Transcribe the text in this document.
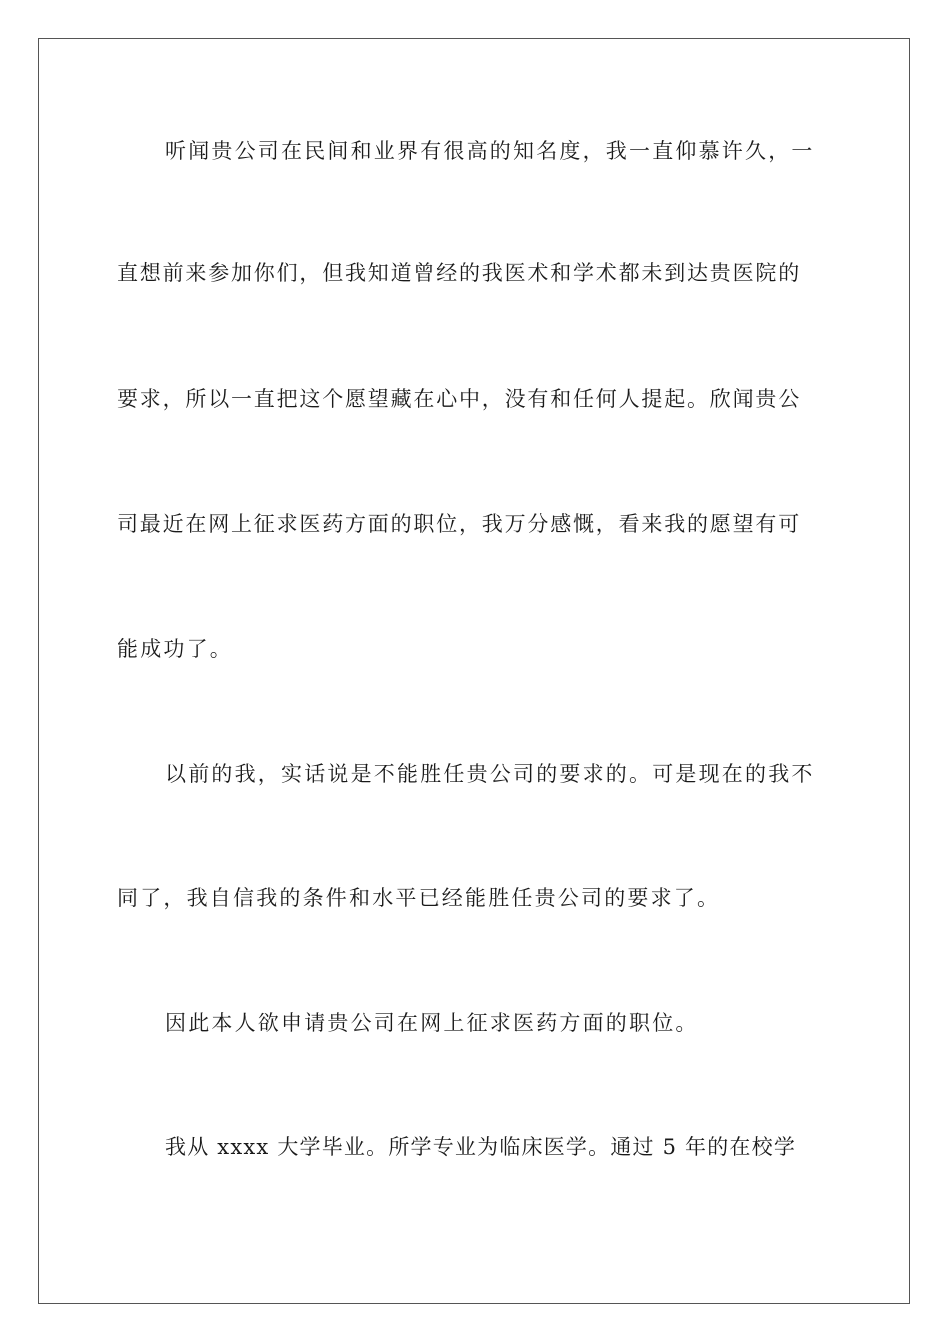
听闻贵公司在民间和业界有很高的知名度，我一直仰慕许久，一
直想前来参加你们，但我知道曾经的我医术和学术都未到达贵医院的
要求，所以一直把这个愿望藏在心中，没有和任何人提起。欣闻贵公
司最近在网上征求医药方面的职位，我万分感慨，看来我的愿望有可
能成功了。
以前的我，实话说是不能胜任贵公司的要求的。可是现在的我不
同了，我自信我的条件和水平已经能胜任贵公司的要求了。
因此本人欲申请贵公司在网上征求医药方面的职位。
我从 xxxx 大学毕业。所学专业为临床医学。通过 5 年的在校学
